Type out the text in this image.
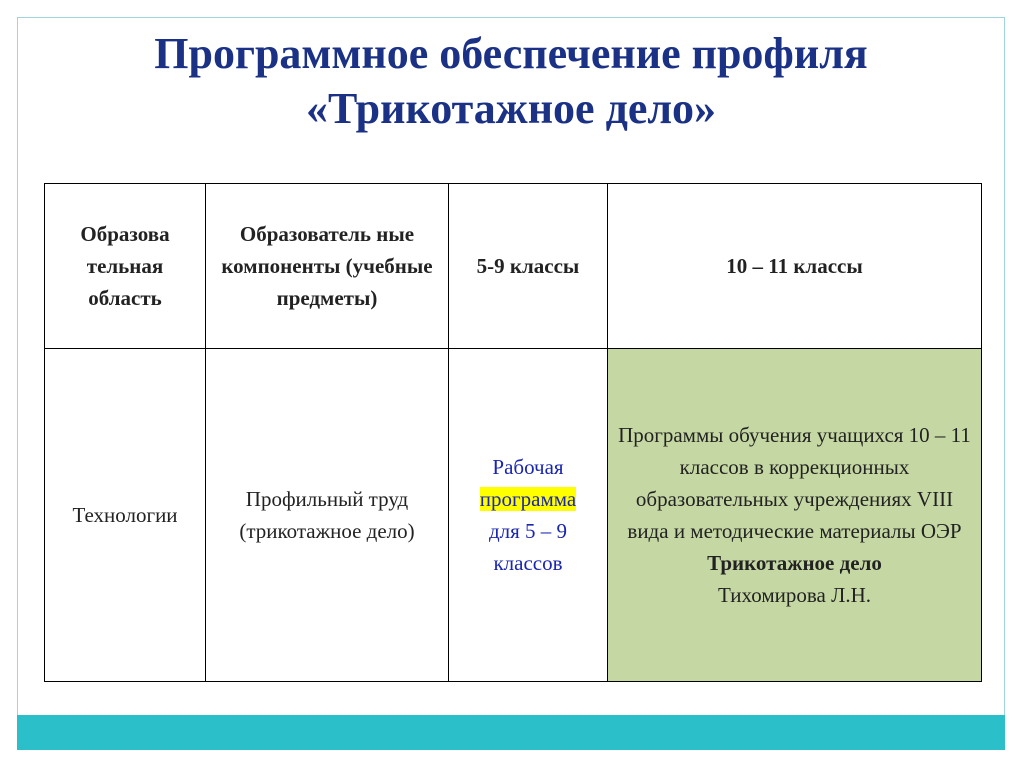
Программное обеспечение профиля
«Трикотажное дело»
Образова тельная область	Образователь ные компоненты (учебные предметы)	5-9 классы	10 – 11 классы
Технологии	Профильный труд (трикотажное дело)	Рабочая
программа
для 5 – 9 классов	Программы обучения учащихся 10 – 11 классов в коррекционных образовательных учреждениях VIII вида и методические материалы ОЭР
Трикотажное дело
Тихомирова Л.Н.
